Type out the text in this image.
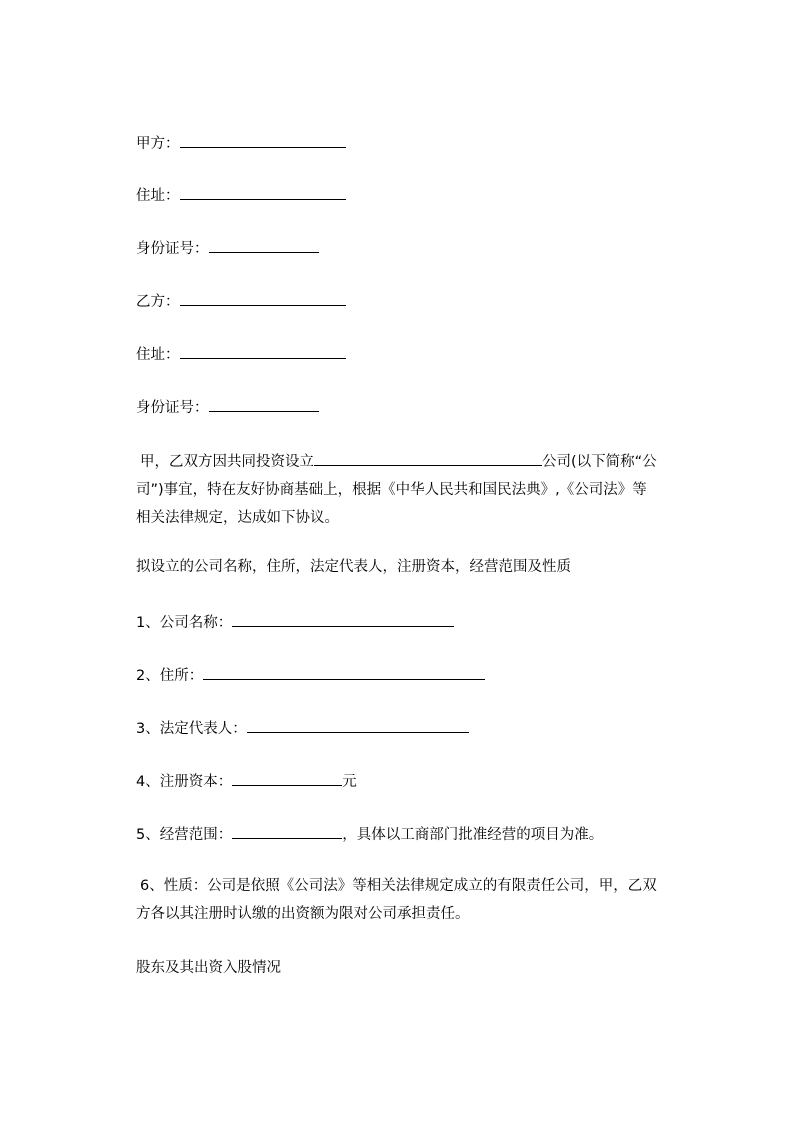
甲方：
住址：
身份证号：
乙方：
住址：
身份证号：
甲，乙双方因共同投资设立	公司(以下简称“公司”)事宜，特在友好协商基础上，根据《中华人民共和国民法典》,《公司法》等相关法律规定，达成如下协议。
拟设立的公司名称，住所，法定代表人，注册资本，经营范围及性质
1、公司名称：
2、住所：
3、法定代表人：
4、注册资本：	元
5、经营范围：	，具体以工商部门批准经营的项目为准。
6、性质：公司是依照《公司法》等相关法律规定成立的有限责任公司，甲，乙双方各以其注册时认缴的出资额为限对公司承担责任。
股东及其出资入股情况
